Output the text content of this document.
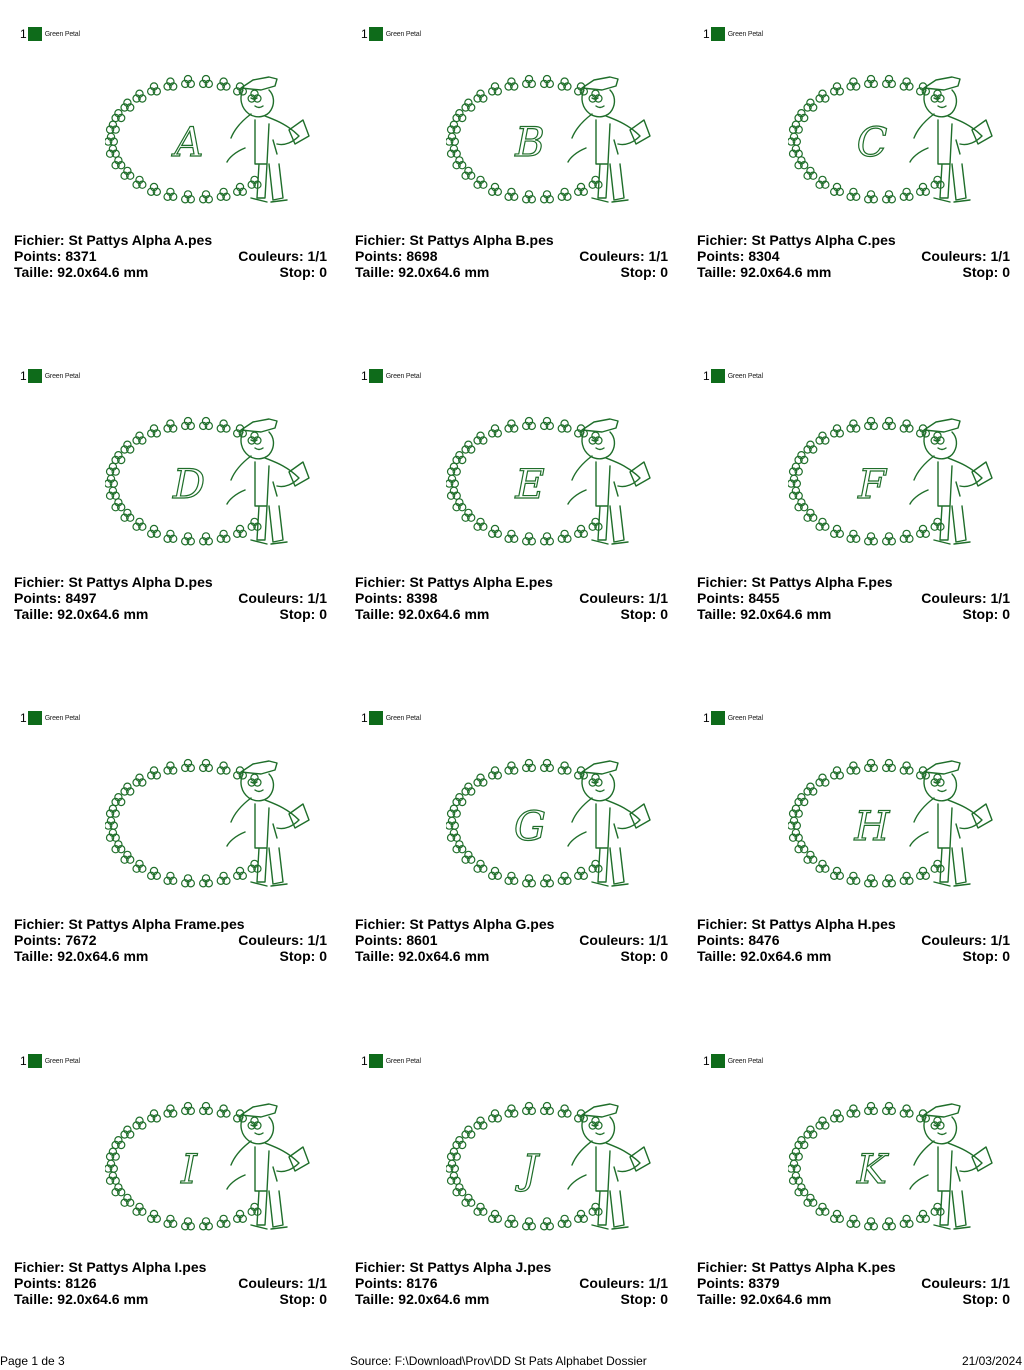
1	Green Petal
A
Fichier: St Pattys Alpha A.pes
Points: 8371	Couleurs: 1/1
Taille: 92.0x64.6 mm	Stop: 0
1	Green Petal
B
Fichier: St Pattys Alpha B.pes
Points: 8698	Couleurs: 1/1
Taille: 92.0x64.6 mm	Stop: 0
1	Green Petal
C
Fichier: St Pattys Alpha C.pes
Points: 8304	Couleurs: 1/1
Taille: 92.0x64.6 mm	Stop: 0
1	Green Petal
D
Fichier: St Pattys Alpha D.pes
Points: 8497	Couleurs: 1/1
Taille: 92.0x64.6 mm	Stop: 0
1	Green Petal
E
Fichier: St Pattys Alpha E.pes
Points: 8398	Couleurs: 1/1
Taille: 92.0x64.6 mm	Stop: 0
1	Green Petal
F
Fichier: St Pattys Alpha F.pes
Points: 8455	Couleurs: 1/1
Taille: 92.0x64.6 mm	Stop: 0
1	Green Petal
Fichier: St Pattys Alpha Frame.pes
Points: 7672	Couleurs: 1/1
Taille: 92.0x64.6 mm	Stop: 0
1	Green Petal
G
Fichier: St Pattys Alpha G.pes
Points: 8601	Couleurs: 1/1
Taille: 92.0x64.6 mm	Stop: 0
1	Green Petal
H
Fichier: St Pattys Alpha H.pes
Points: 8476	Couleurs: 1/1
Taille: 92.0x64.6 mm	Stop: 0
1	Green Petal
I
Fichier: St Pattys Alpha I.pes
Points: 8126	Couleurs: 1/1
Taille: 92.0x64.6 mm	Stop: 0
1	Green Petal
J
Fichier: St Pattys Alpha J.pes
Points: 8176	Couleurs: 1/1
Taille: 92.0x64.6 mm	Stop: 0
1	Green Petal
K
Fichier: St Pattys Alpha K.pes
Points: 8379	Couleurs: 1/1
Taille: 92.0x64.6 mm	Stop: 0
Page 1 de 3	Source: F:\Download\Prov\DD St Pats Alphabet Dossier	21/03/2024
